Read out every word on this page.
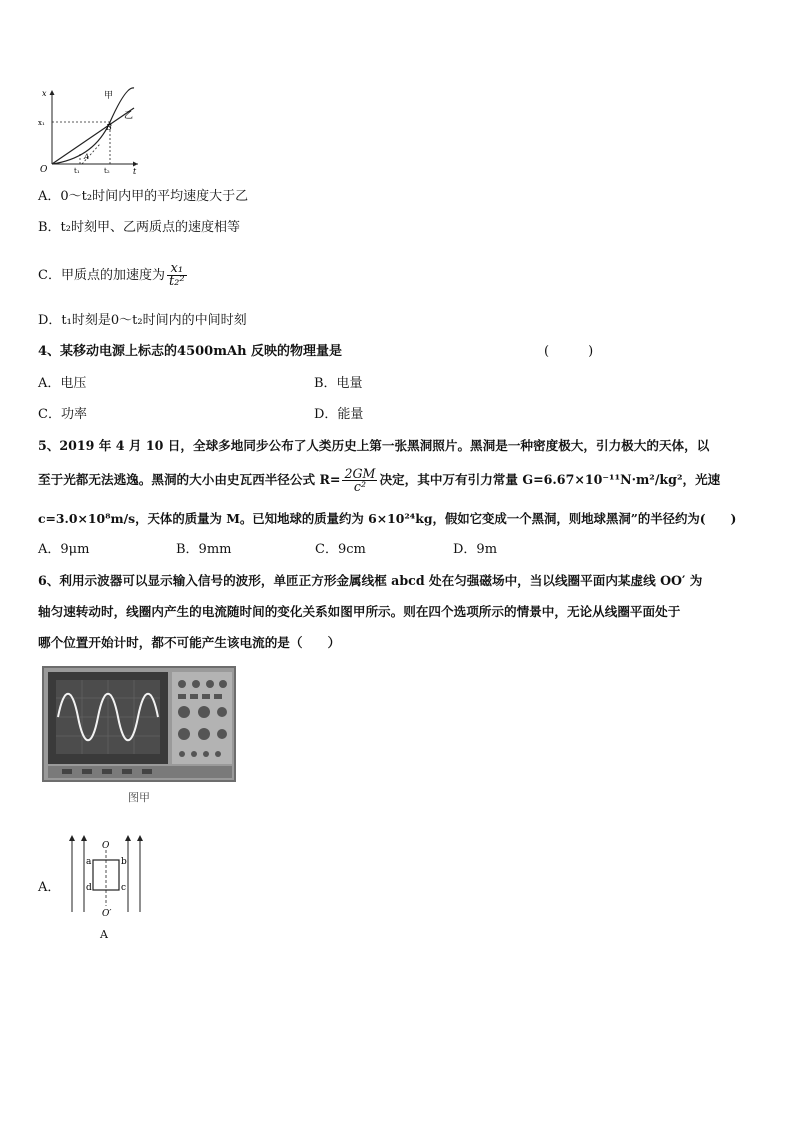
x
t
O
x₁
t₁	t₂
甲
乙
B
A
A．0～t₂时间内甲的平均速度大于乙
B．t₂时刻甲、乙两质点的速度相等
C．甲质点的加速度为 $\frac{\text{x₁}}{\text{t₂²}}$
D．t₁时刻是0～t₂时间内的中间时刻
4、某移动电源上标志的4500mAh 反映的物理量是	(　　　)
A．电压	B．电量
C．功率	D．能量
5、2019 年 4 月 10 日，全球多地同步公布了人类历史上第一张黑洞照片。黑洞是一种密度极大，引力极大的天体，以
至于光都无法逃逸。黑洞的大小由史瓦西半径公式 $R= \frac{2GM}{\text{c²}}$ 决定，其中万有引力常量 G=6.67×10⁻¹¹N·m²/kg²，光速
c=3.0×10⁸m/s，天体的质量为 M。已知地球的质量约为 6×10²⁴kg，假如它变成一个黑洞，则地球黑洞”的半径约为(　　)
A．9μm	B．9mm	C．9cm	D．9m
6、利用示波器可以显示输入信号的波形，单匝正方形金属线框 abcd 处在匀强磁场中，当以线圈平面内某虚线 OO′ 为
轴匀速转动时，线圈内产生的电流随时间的变化关系如图甲所示。则在四个选项所示的情景中，无论从线圈平面处于
哪个位置开始计时，都不可能产生该电流的是（　　）
图甲
A．
O
O′
a	b
c
d
A
